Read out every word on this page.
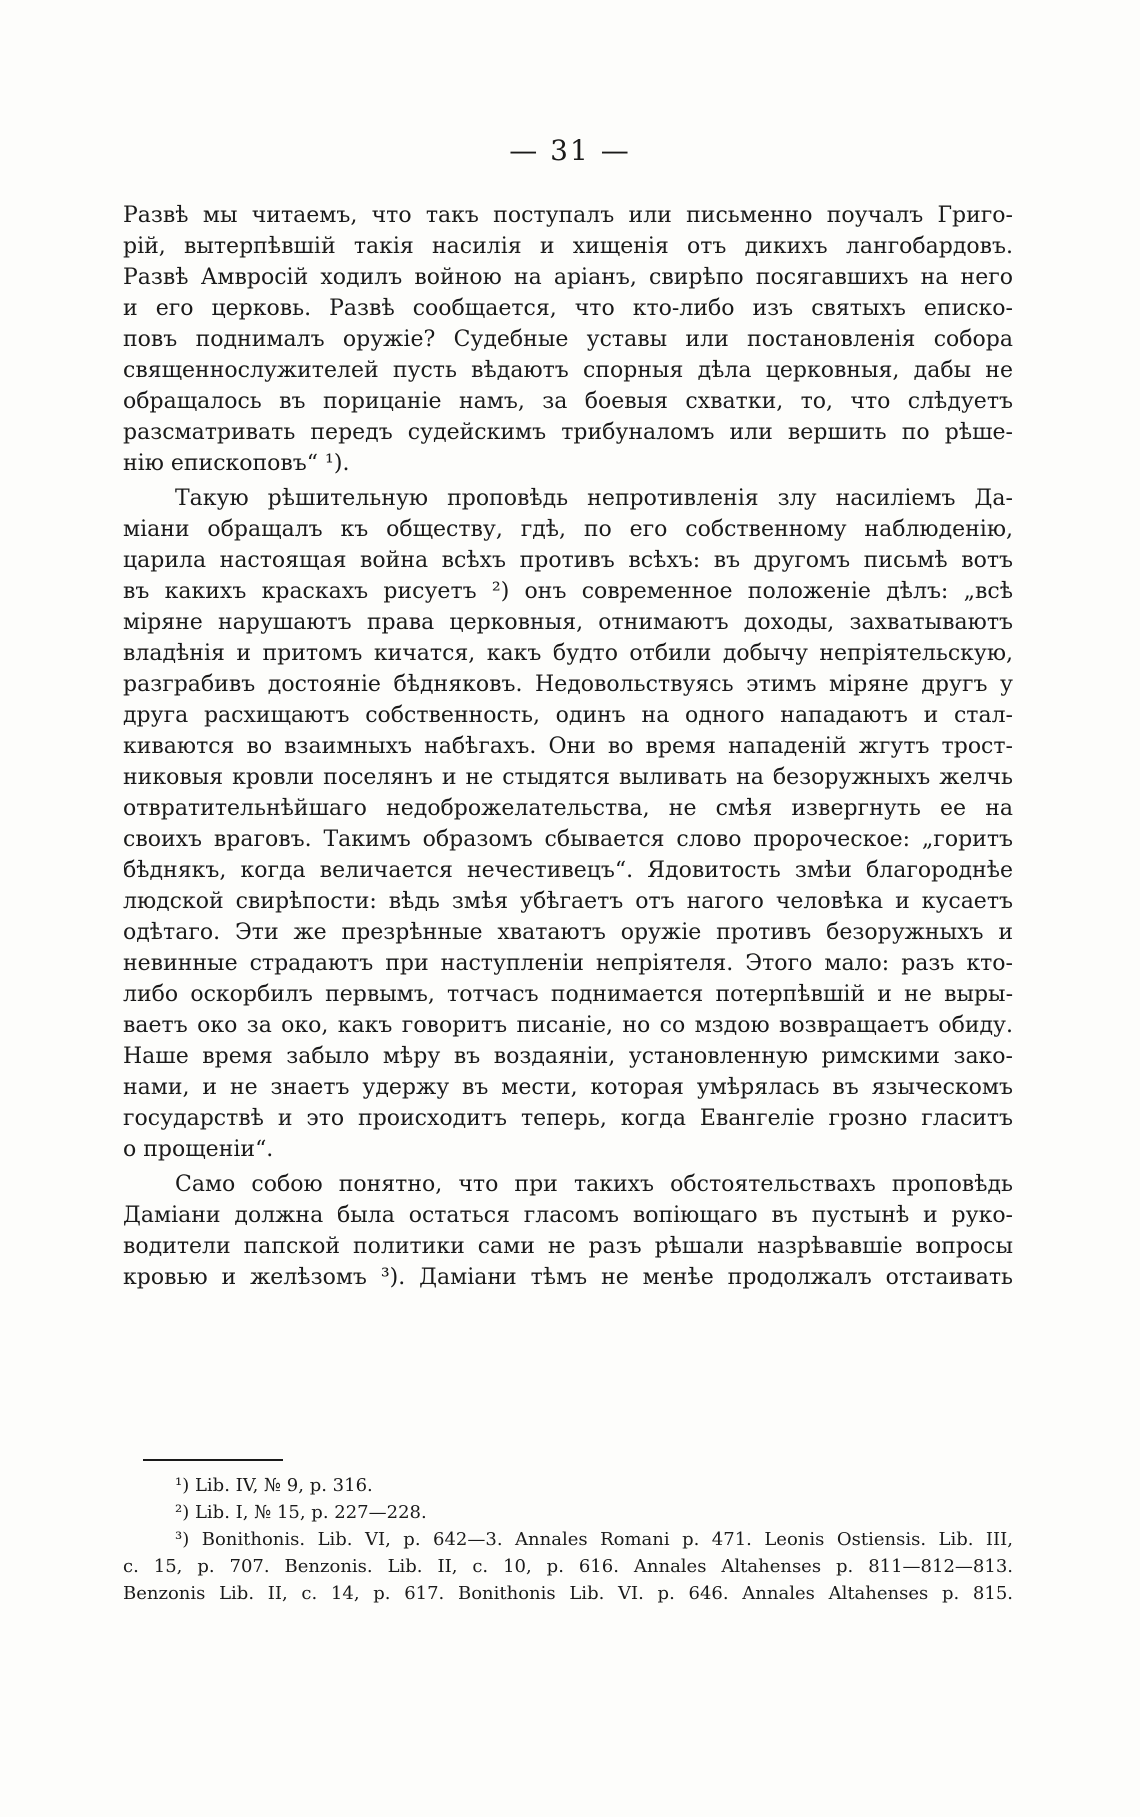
— 31 —
Развѣ мы читаемъ, что такъ поступалъ или письменно поучалъ Григо-
рій, вытерпѣвшій такія насилія и хищенія отъ дикихъ лангобардовъ.
Развѣ Амвросій ходилъ войною на аріанъ, свирѣпо посягавшихъ на него
и его церковь. Развѣ сообщается, что кто-либо изъ святыхъ еписко-
повъ поднималъ оружіе? Судебные уставы или постановленія собора
священнослужителей пусть вѣдаютъ спорныя дѣла церковныя, дабы не
обращалось въ порицаніе намъ, за боевыя схватки, то, что слѣдуетъ
разсматривать передъ судейскимъ трибуналомъ или вершить по рѣше-
нію епископовъ“ ¹).
Такую рѣшительную проповѣдь непротивленія злу насиліемъ Да-
міани обращалъ къ обществу, гдѣ, по его собственному наблюденію,
царила настоящая война всѣхъ противъ всѣхъ: въ другомъ письмѣ вотъ
въ какихъ краскахъ рисуетъ ²) онъ современное положеніе дѣлъ: „всѣ
міряне нарушаютъ права церковныя, отнимаютъ доходы, захватываютъ
владѣнія и притомъ кичатся, какъ будто отбили добычу непріятельскую,
разграбивъ достояніе бѣдняковъ. Недовольствуясь этимъ міряне другъ у
друга расхищаютъ собственность, одинъ на одного нападаютъ и стал-
киваются во взаимныхъ набѣгахъ. Они во время нападеній жгутъ трост-
никовыя кровли поселянъ и не стыдятся выливать на безоружныхъ желчь
отвратительнѣйшаго недоброжелательства, не смѣя извергнуть ее на
своихъ враговъ. Такимъ образомъ сбывается слово пророческое: „горитъ
бѣднякъ, когда величается нечестивецъ“. Ядовитость змѣи благороднѣе
людской свирѣпости: вѣдь змѣя убѣгаетъ отъ нагого человѣка и кусаетъ
одѣтаго. Эти же презрѣнные хватаютъ оружіе противъ безоружныхъ и
невинные страдаютъ при наступленіи непріятеля. Этого мало: разъ кто-
либо оскорбилъ первымъ, тотчасъ поднимается потерпѣвшій и не выры-
ваетъ око за око, какъ говоритъ писаніе, но со мздою возвращаетъ обиду.
Наше время забыло мѣру въ воздаяніи, установленную римскими зако-
нами, и не знаетъ удержу въ мести, которая умѣрялась въ языческомъ
государствѣ и это происходитъ теперь, когда Евангеліе грозно гласитъ
о прощеніи“.
Само собою понятно, что при такихъ обстоятельствахъ проповѣдь
Даміани должна была остаться гласомъ вопіющаго въ пустынѣ и руко-
водители папской политики сами не разъ рѣшали назрѣвавшіе вопросы
кровью и желѣзомъ ³). Даміани тѣмъ не менѣе продолжалъ отстаивать
¹) Lib. IV, № 9, p. 316.
²) Lib. I, № 15, p. 227—228.
³) Bonithonis. Lib. VI, p. 642—3. Annales Romani p. 471. Leonis Ostiensis. Lib. III,
c. 15, p. 707. Benzonis. Lib. II, c. 10, p. 616. Annales Altahenses p. 811—812—813.
Benzonis Lib. II, c. 14, p. 617. Bonithonis Lib. VI. p. 646. Annales Altahenses p. 815.
